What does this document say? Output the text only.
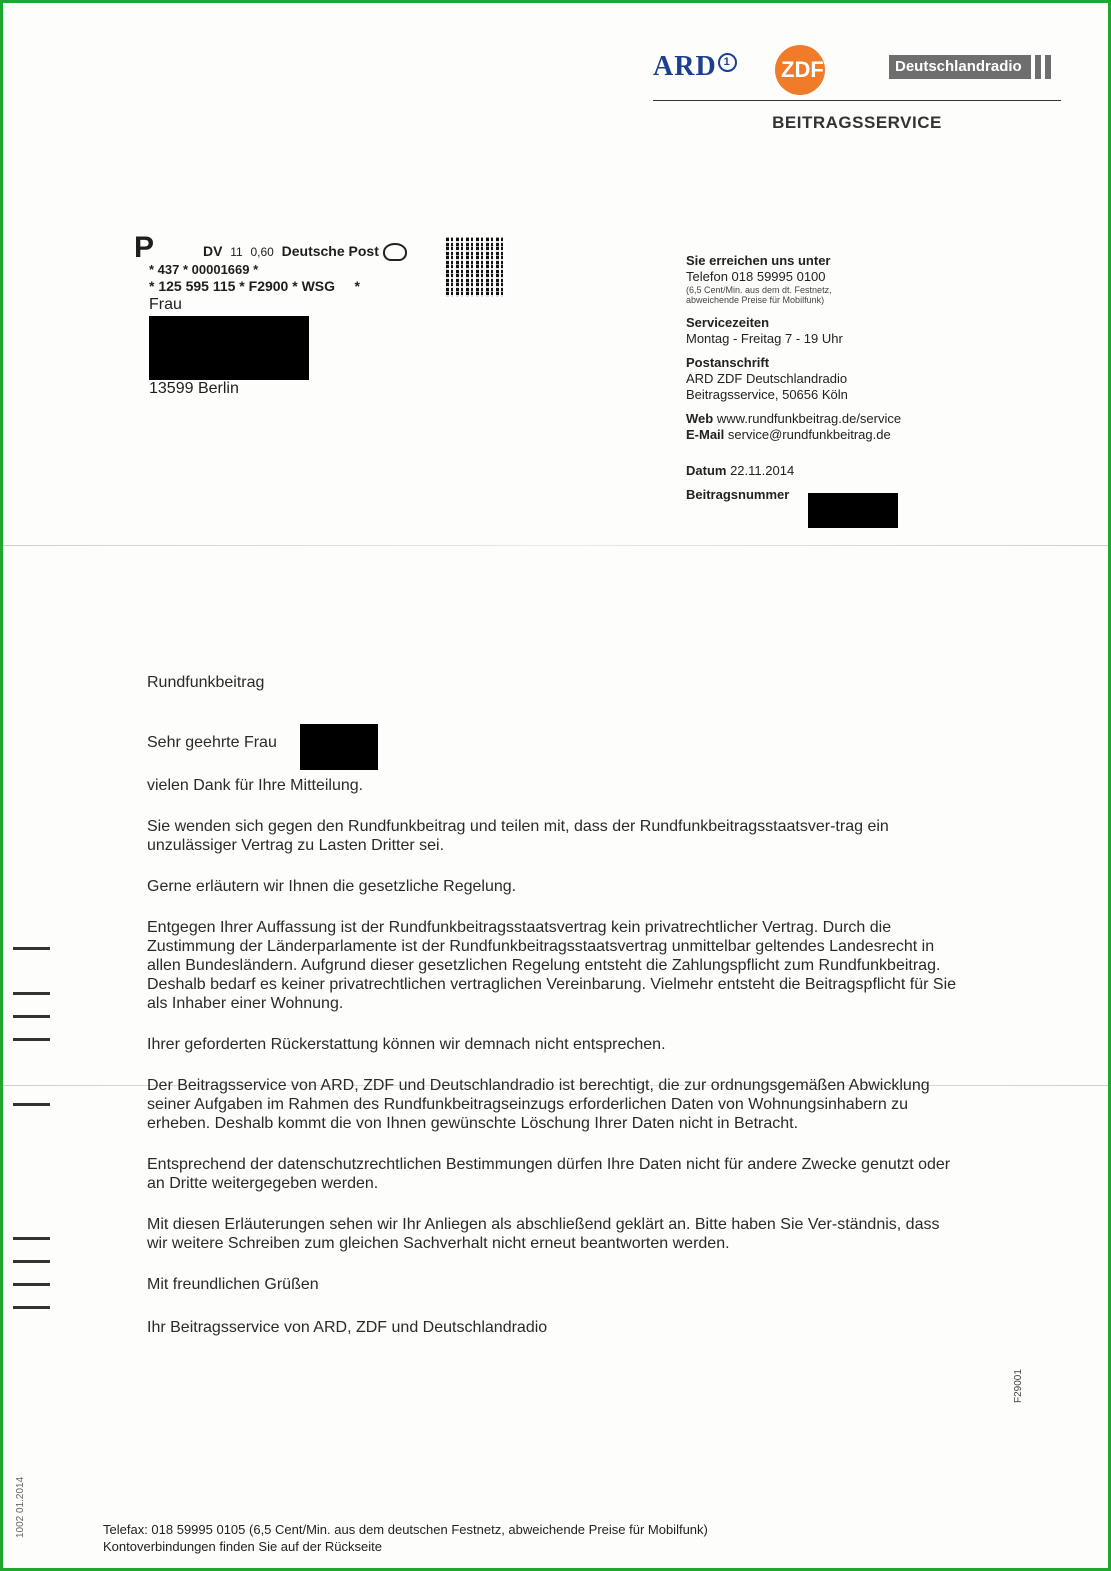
ARD 1 ZDF	Deutschlandradio
BEITRAGSSERVICE
P	DV 11 0,60 Deutsche Post
* 437 * 00001669 *
* 125 595 115 * F2900 * WSG *
Frau
13599 Berlin
Sie erreichen uns unter
Telefon 018 59995 0100
(6,5 Cent/Min. aus dem dt. Festnetz,
abweichende Preise für Mobilfunk)
Servicezeiten
Montag - Freitag 7 - 19 Uhr
Postanschrift
ARD ZDF Deutschlandradio
Beitragsservice, 50656 Köln
Web www.rundfunkbeitrag.de/service
E-Mail service@rundfunkbeitrag.de
Datum 22.11.2014
Beitragsnummer

Rundfunkbeitrag

Sehr geehrte Frau

vielen Dank für Ihre Mitteilung.

Sie wenden sich gegen den Rundfunkbeitrag und teilen mit, dass der Rundfunkbeitragsstaatsver-trag ein unzulässiger Vertrag zu Lasten Dritter sei.

Gerne erläutern wir Ihnen die gesetzliche Regelung.

Entgegen Ihrer Auffassung ist der Rundfunkbeitragsstaatsvertrag kein privatrechtlicher Vertrag. Durch die Zustimmung der Länderparlamente ist der Rundfunkbeitragsstaatsvertrag unmittelbar geltendes Landesrecht in allen Bundesländern. Aufgrund dieser gesetzlichen Regelung entsteht die Zahlungspflicht zum Rundfunkbeitrag. Deshalb bedarf es keiner privatrechtlichen vertraglichen Vereinbarung. Vielmehr entsteht die Beitragspflicht für Sie als Inhaber einer Wohnung.

Ihrer geforderten Rückerstattung können wir demnach nicht entsprechen.

Der Beitragsservice von ARD, ZDF und Deutschlandradio ist berechtigt, die zur ordnungsgemäßen Abwicklung seiner Aufgaben im Rahmen des Rundfunkbeitragseinzugs erforderlichen Daten von Wohnungsinhabern zu erheben. Deshalb kommt die von Ihnen gewünschte Löschung Ihrer Daten nicht in Betracht.

Entsprechend der datenschutzrechtlichen Bestimmungen dürfen Ihre Daten nicht für andere Zwecke genutzt oder an Dritte weitergegeben werden.

Mit diesen Erläuterungen sehen wir Ihr Anliegen als abschließend geklärt an. Bitte haben Sie Ver-ständnis, dass wir weitere Schreiben zum gleichen Sachverhalt nicht erneut beantworten werden.

Mit freundlichen Grüßen

Ihr Beitragsservice von ARD, ZDF und Deutschlandradio

F29001
1002 01.2014	Telefax: 018 59995 0105 (6,5 Cent/Min. aus dem deutschen Festnetz, abweichende Preise für Mobilfunk)
Kontoverbindungen finden Sie auf der Rückseite
